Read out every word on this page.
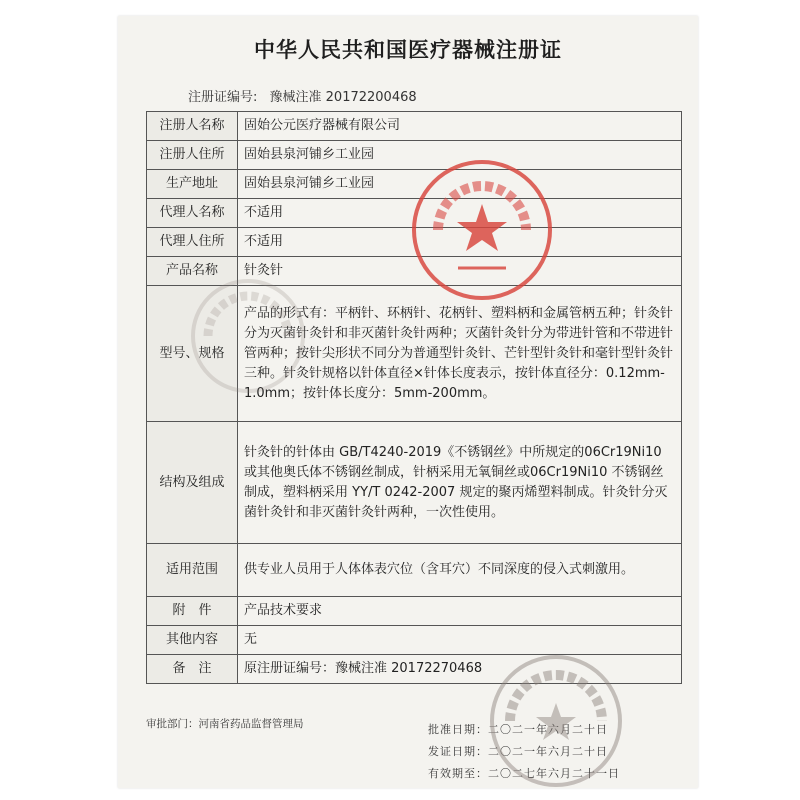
中华人民共和国医疗器械注册证
注册证编号: 豫械注准 20172200468
注册人名称	固始公元医疗器械有限公司
注册人住所	固始县泉河铺乡工业园
生产地址	固始县泉河铺乡工业园
代理人名称	不适用
代理人住所	不适用
产品名称	针灸针
型号、规格	产品的形式有：平柄针、环柄针、花柄针、塑料柄和金属管柄五种；针灸针分为灭菌针灸针和非灭菌针灸针两种；灭菌针灸针分为带进针管和不带进针管两种；按针尖形状不同分为普通型针灸针、芒针型针灸针和毫针型针灸针三种。针灸针规格以针体直径×针体长度表示，按针体直径分：0.12mm-1.0mm；按针体长度分：5mm-200mm。
结构及组成	针灸针的针体由 GB/T4240-2019《不锈钢丝》中所规定的06Cr19Ni10 或其他奥氏体不锈钢丝制成，针柄采用无氧铜丝或06Cr19Ni10 不锈钢丝制成，塑料柄采用 YY/T 0242-2007 规定的聚丙烯塑料制成。针灸针分灭菌针灸针和非灭菌针灸针两种，一次性使用。
适用范围	供专业人员用于人体体表穴位（含耳穴）不同深度的侵入式刺激用。
附　件	产品技术要求
其他内容	无
备　注	原注册证编号：豫械注准 20172270468
审批部门：河南省药品监督管理局	批准日期：二〇二一年六月二十日
发证日期：二〇二一年六月二十日
有效期至：二〇二七年六月二十一日
